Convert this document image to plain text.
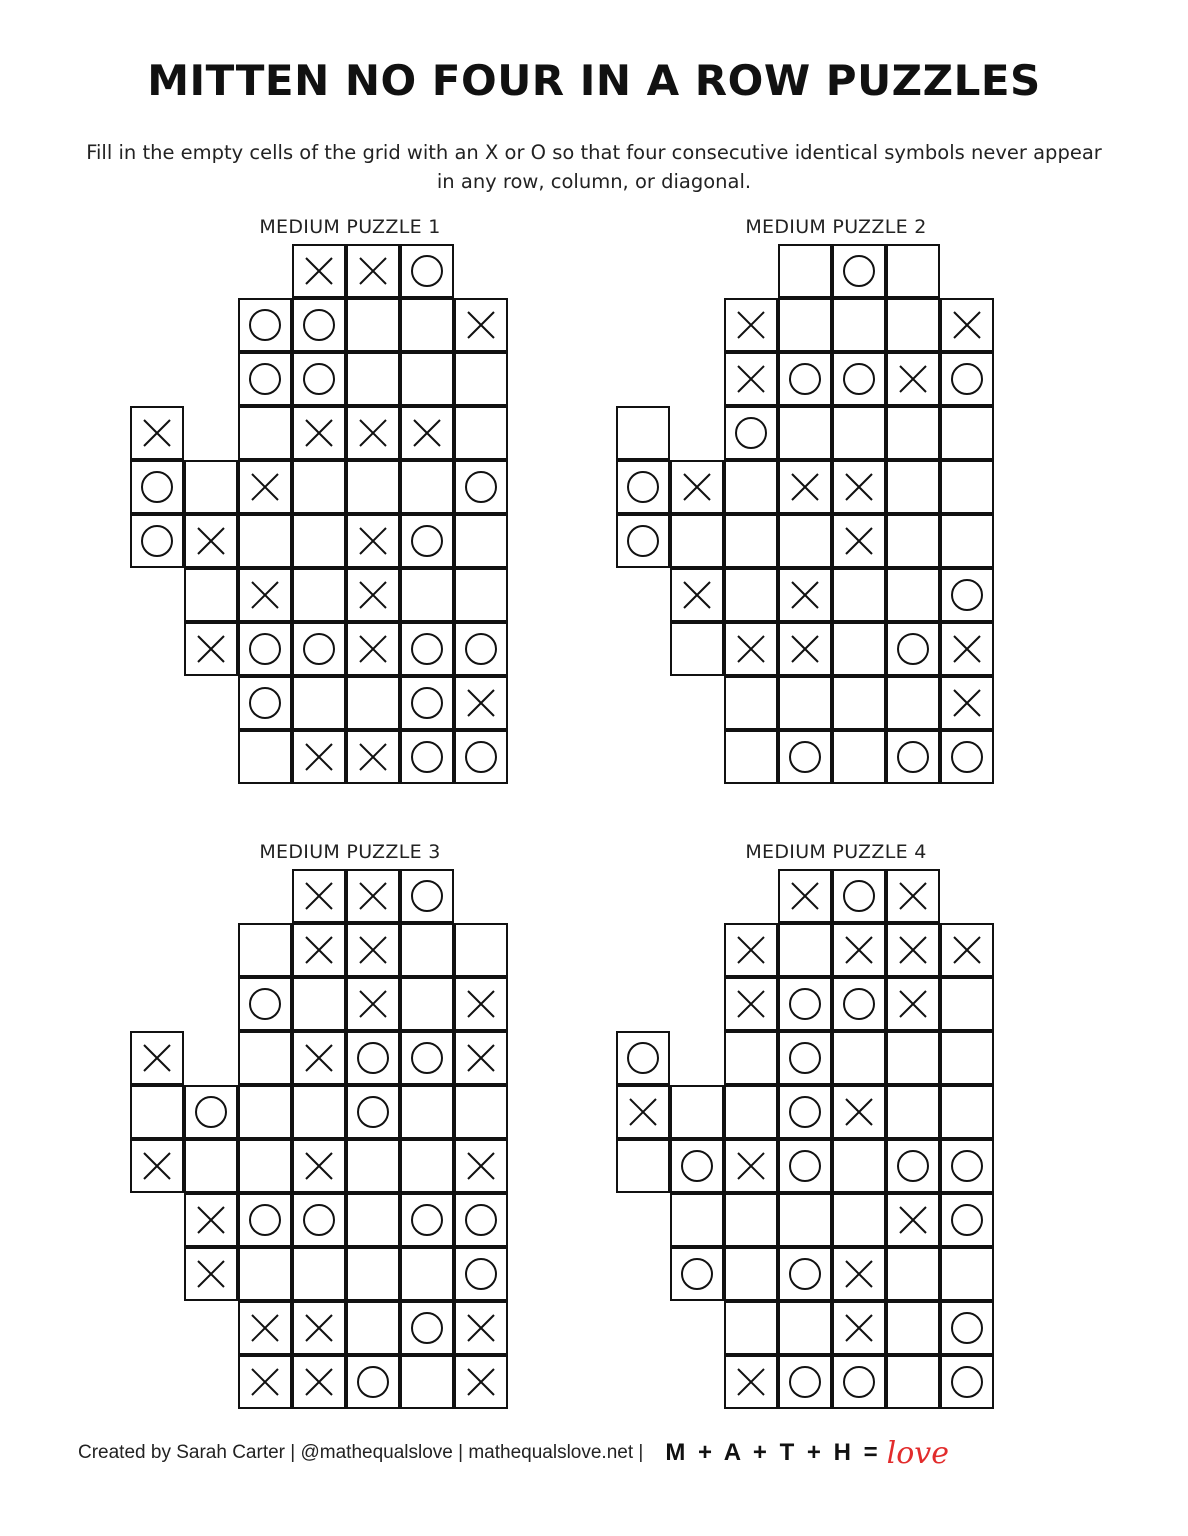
MITTEN NO FOUR IN A ROW PUZZLES
Fill in the empty cells of the grid with an X or O so that four consecutive identical symbols never appear in any row, column, or diagonal.
MEDIUM PUZZLE 1	MEDIUM PUZZLE 2
MEDIUM PUZZLE 3	MEDIUM PUZZLE 4
Created by Sarah Carter | @mathequalslove | mathequalslove.net | M + A + T + H = love
